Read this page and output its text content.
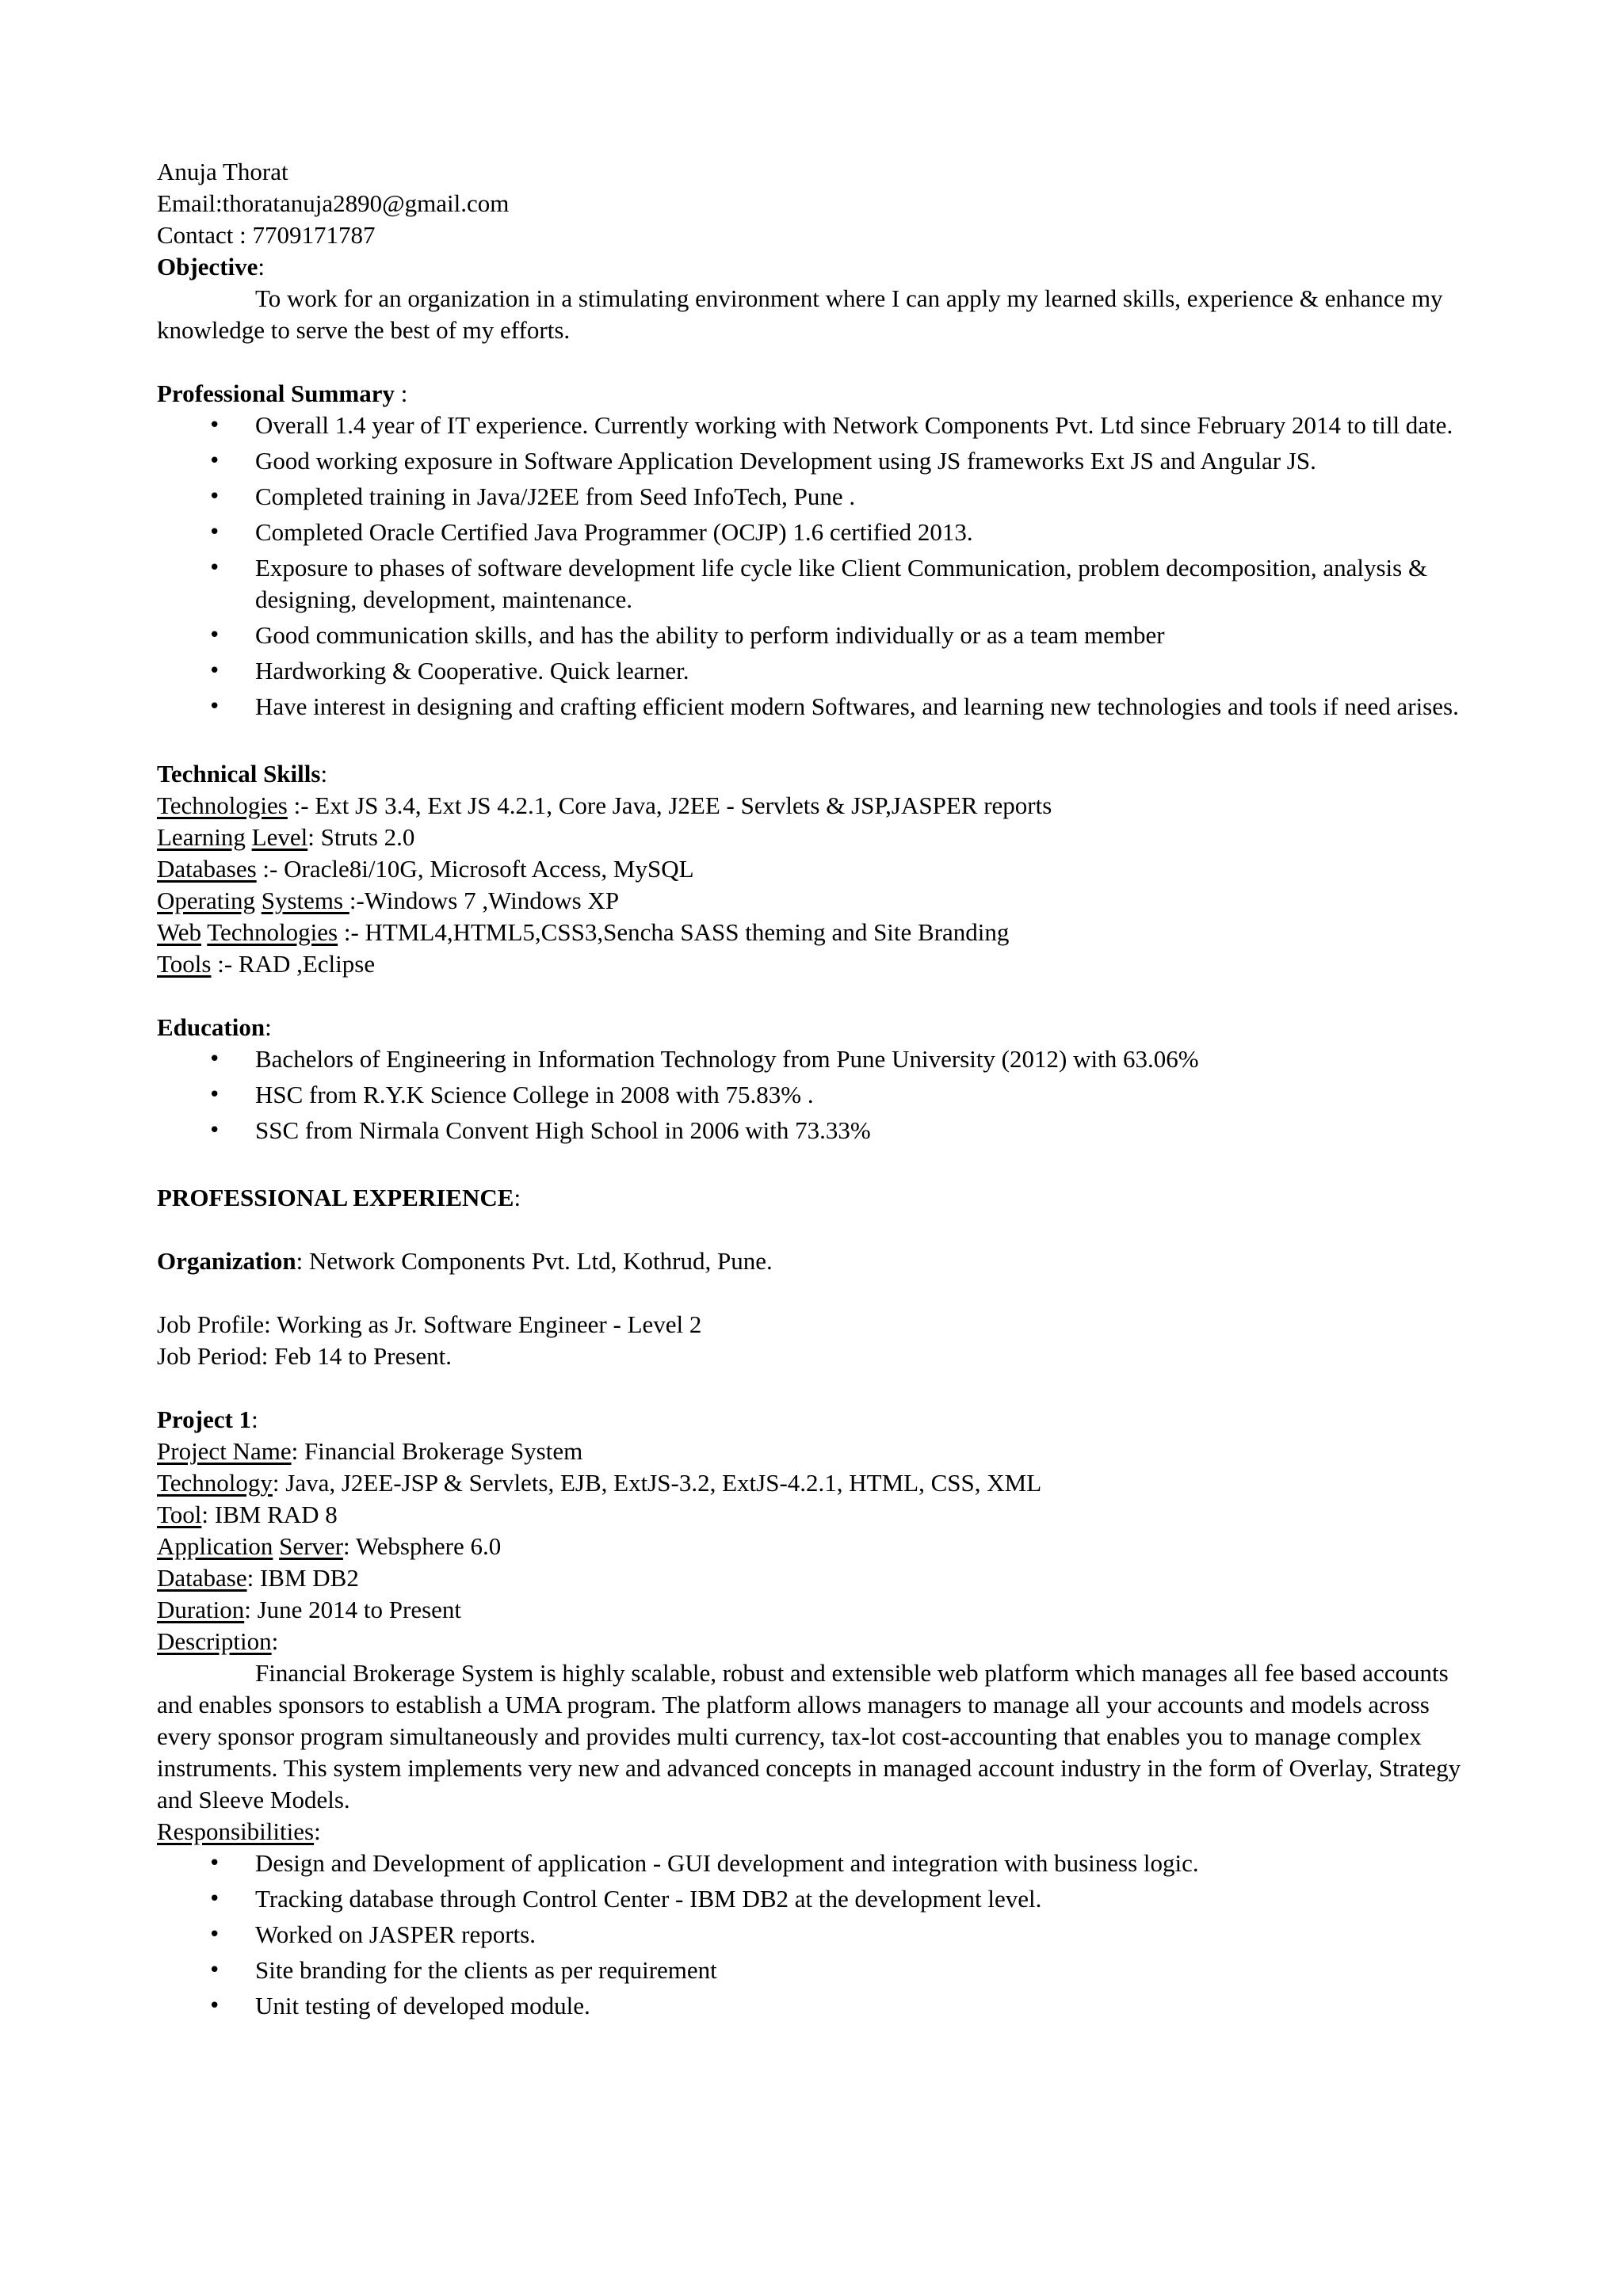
Anuja Thorat
Email:thoratanuja2890@gmail.com
Contact : 7709171787
Objective:
To work for an organization in a stimulating environment where I can apply my learned skills, experience & enhance my knowledge to serve the best of my efforts.
Professional Summary :
• Overall 1.4 year of IT experience. Currently working with Network Components Pvt. Ltd since February 2014 to till date.
• Good working exposure in Software Application Development using JS frameworks Ext JS and Angular JS.
• Completed training in Java/J2EE from Seed InfoTech, Pune .
• Completed Oracle Certified Java Programmer (OCJP) 1.6 certified 2013.
• Exposure to phases of software development life cycle like Client Communication, problem decomposition, analysis & designing, development, maintenance.
• Good communication skills, and has the ability to perform individually or as a team member
• Hardworking & Cooperative. Quick learner.
• Have interest in designing and crafting efficient modern Softwares, and learning new technologies and tools if need arises.
Technical Skills:
Technologies :- Ext JS 3.4, Ext JS 4.2.1, Core Java, J2EE - Servlets & JSP,JASPER reports
Learning Level: Struts 2.0
Databases :- Oracle8i/10G, Microsoft Access, MySQL
Operating Systems :-Windows 7 ,Windows XP
Web Technologies :- HTML4,HTML5,CSS3,Sencha SASS theming and Site Branding
Tools :- RAD ,Eclipse
Education:
• Bachelors of Engineering in Information Technology from Pune University (2012) with 63.06%
• HSC from R.Y.K Science College in 2008 with 75.83% .
• SSC from Nirmala Convent High School in 2006 with 73.33%
PROFESSIONAL EXPERIENCE:
Organization: Network Components Pvt. Ltd, Kothrud, Pune.
Job Profile: Working as Jr. Software Engineer - Level 2
Job Period: Feb 14 to Present.
Project 1:
Project Name: Financial Brokerage System
Technology: Java, J2EE-JSP & Servlets, EJB, ExtJS-3.2, ExtJS-4.2.1, HTML, CSS, XML
Tool: IBM RAD 8
Application Server: Websphere 6.0
Database: IBM DB2
Duration: June 2014 to Present
Description:
Financial Brokerage System is highly scalable, robust and extensible web platform which manages all fee based accounts and enables sponsors to establish a UMA program. The platform allows managers to manage all your accounts and models across every sponsor program simultaneously and provides multi currency, tax-lot cost-accounting that enables you to manage complex instruments. This system implements very new and advanced concepts in managed account industry in the form of Overlay, Strategy and Sleeve Models.
Responsibilities:
• Design and Development of application - GUI development and integration with business logic.
• Tracking database through Control Center - IBM DB2 at the development level.
• Worked on JASPER reports.
• Site branding for the clients as per requirement
• Unit testing of developed module.
